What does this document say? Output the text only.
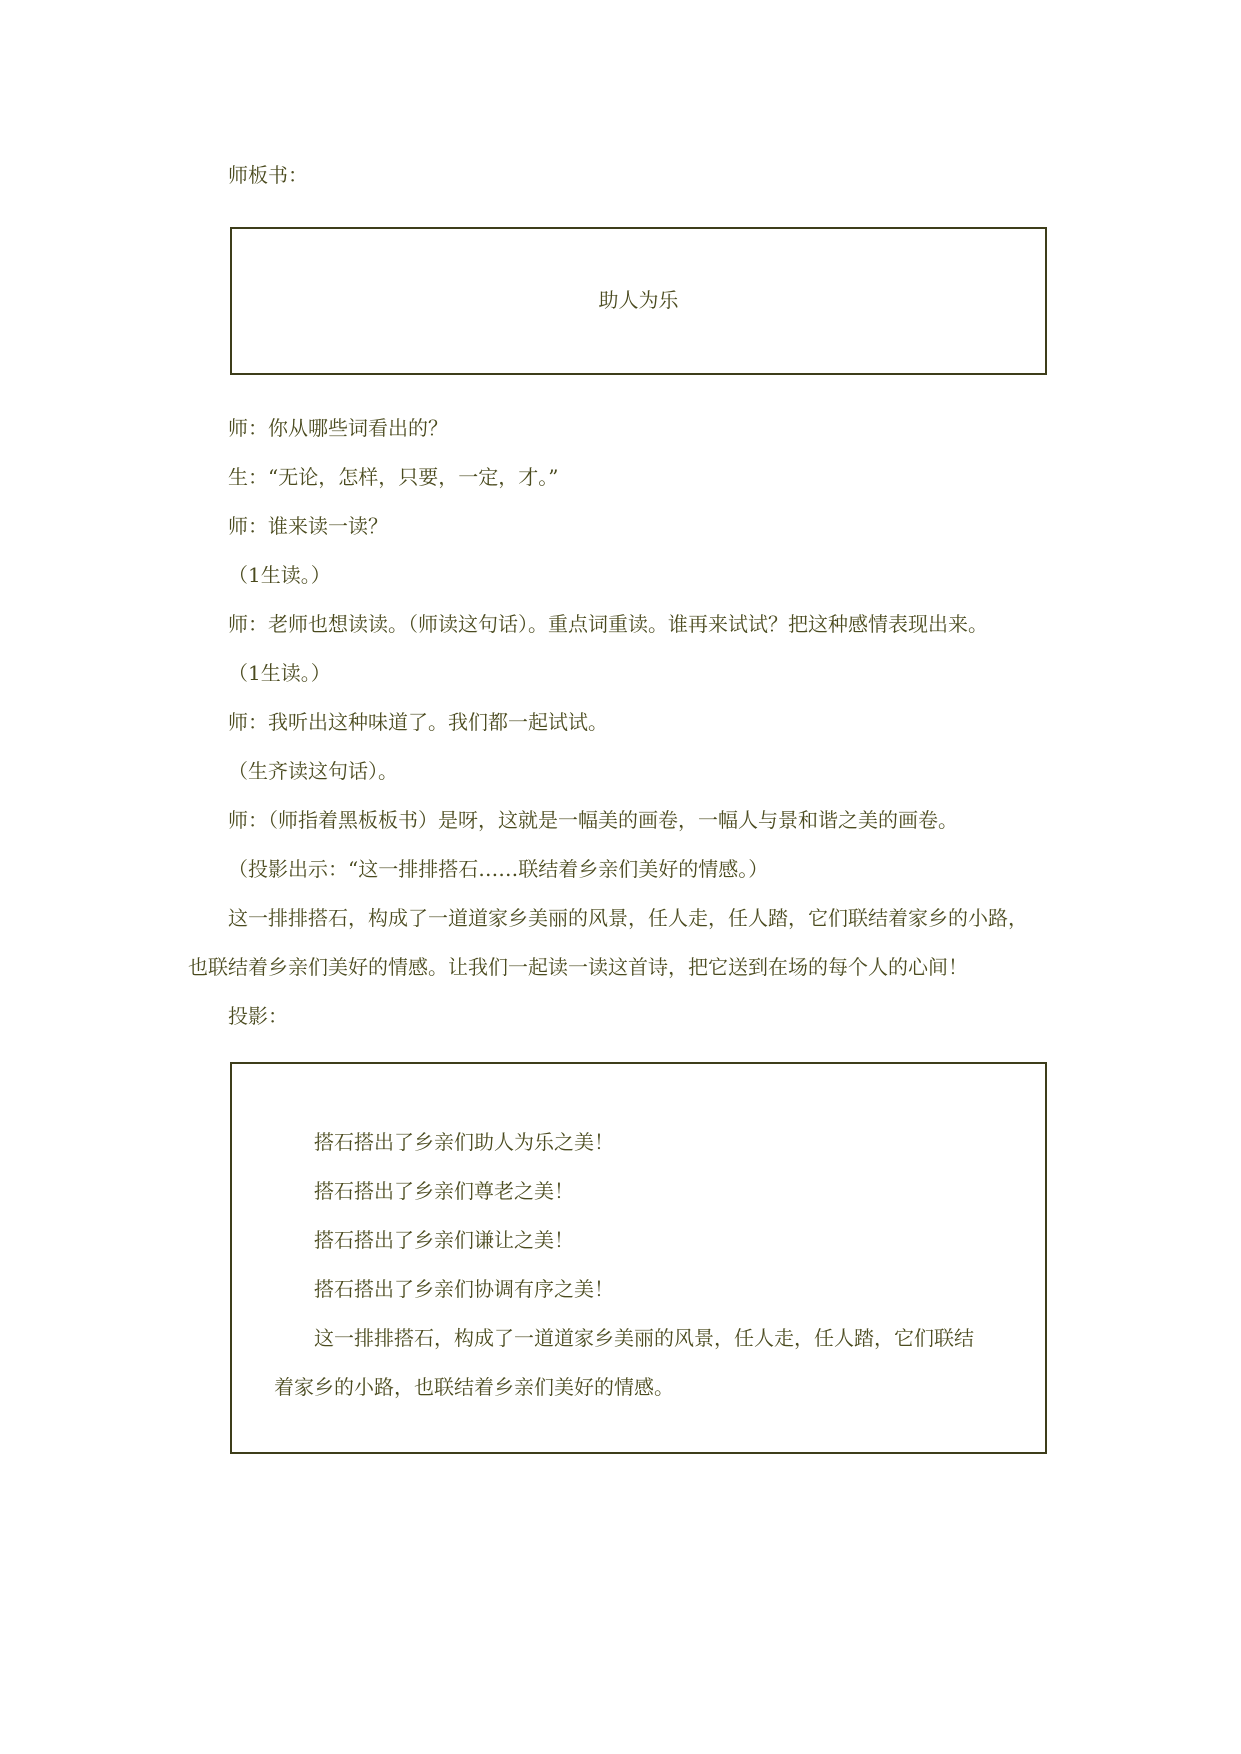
师板书：
助人为乐
师：你从哪些词看出的？
生：“无论，怎样，只要，一定，才。”
师：谁来读一读？
（1生读。）
师：老师也想读读。（师读这句话）。重点词重读。谁再来试试？把这种感情表现出来。
（1生读。）
师：我听出这种味道了。我们都一起试试。
（生齐读这句话）。
师：（师指着黑板板书）是呀，这就是一幅美的画卷，一幅人与景和谐之美的画卷。
（投影出示：“这一排排搭石……联结着乡亲们美好的情感。）
这一排排搭石，构成了一道道家乡美丽的风景，任人走，任人踏，它们联结着家乡的小路，
也联结着乡亲们美好的情感。让我们一起读一读这首诗，把它送到在场的每个人的心间！
投影：
搭石搭出了乡亲们助人为乐之美！
搭石搭出了乡亲们尊老之美！
搭石搭出了乡亲们谦让之美！
搭石搭出了乡亲们协调有序之美！
这一排排搭石，构成了一道道家乡美丽的风景，任人走，任人踏，它们联结
着家乡的小路，也联结着乡亲们美好的情感。
